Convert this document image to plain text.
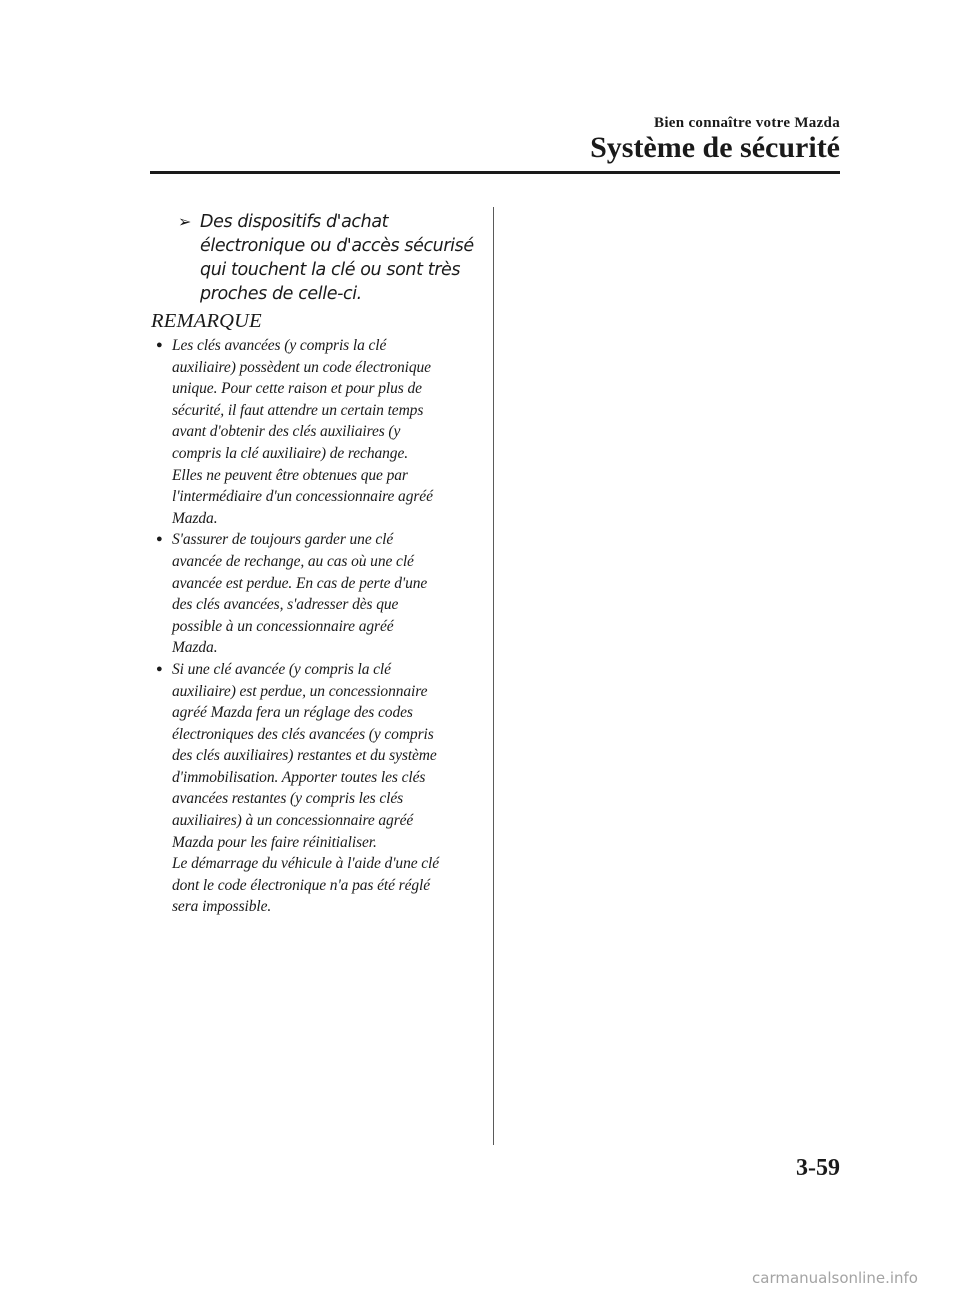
Bien connaître votre Mazda
Système de sécurité
➢ Des dispositifs d'achat
électronique ou d'accès sécurisé
qui touchent la clé ou sont très
proches de celle-ci.
REMARQUE
● Les clés avancées (y compris la clé
auxiliaire) possèdent un code électronique
unique. Pour cette raison et pour plus de
sécurité, il faut attendre un certain temps
avant d'obtenir des clés auxiliaires (y
compris la clé auxiliaire) de rechange.
Elles ne peuvent être obtenues que par
l'intermédiaire d'un concessionnaire agréé
Mazda.
● S'assurer de toujours garder une clé
avancée de rechange, au cas où une clé
avancée est perdue. En cas de perte d'une
des clés avancées, s'adresser dès que
possible à un concessionnaire agréé
Mazda.
● Si une clé avancée (y compris la clé
auxiliaire) est perdue, un concessionnaire
agréé Mazda fera un réglage des codes
électroniques des clés avancées (y compris
des clés auxiliaires) restantes et du système
d'immobilisation. Apporter toutes les clés
avancées restantes (y compris les clés
auxiliaires) à un concessionnaire agréé
Mazda pour les faire réinitialiser.
Le démarrage du véhicule à l'aide d'une clé
dont le code électronique n'a pas été réglé
sera impossible.
3-59
carmanualsonline.info
